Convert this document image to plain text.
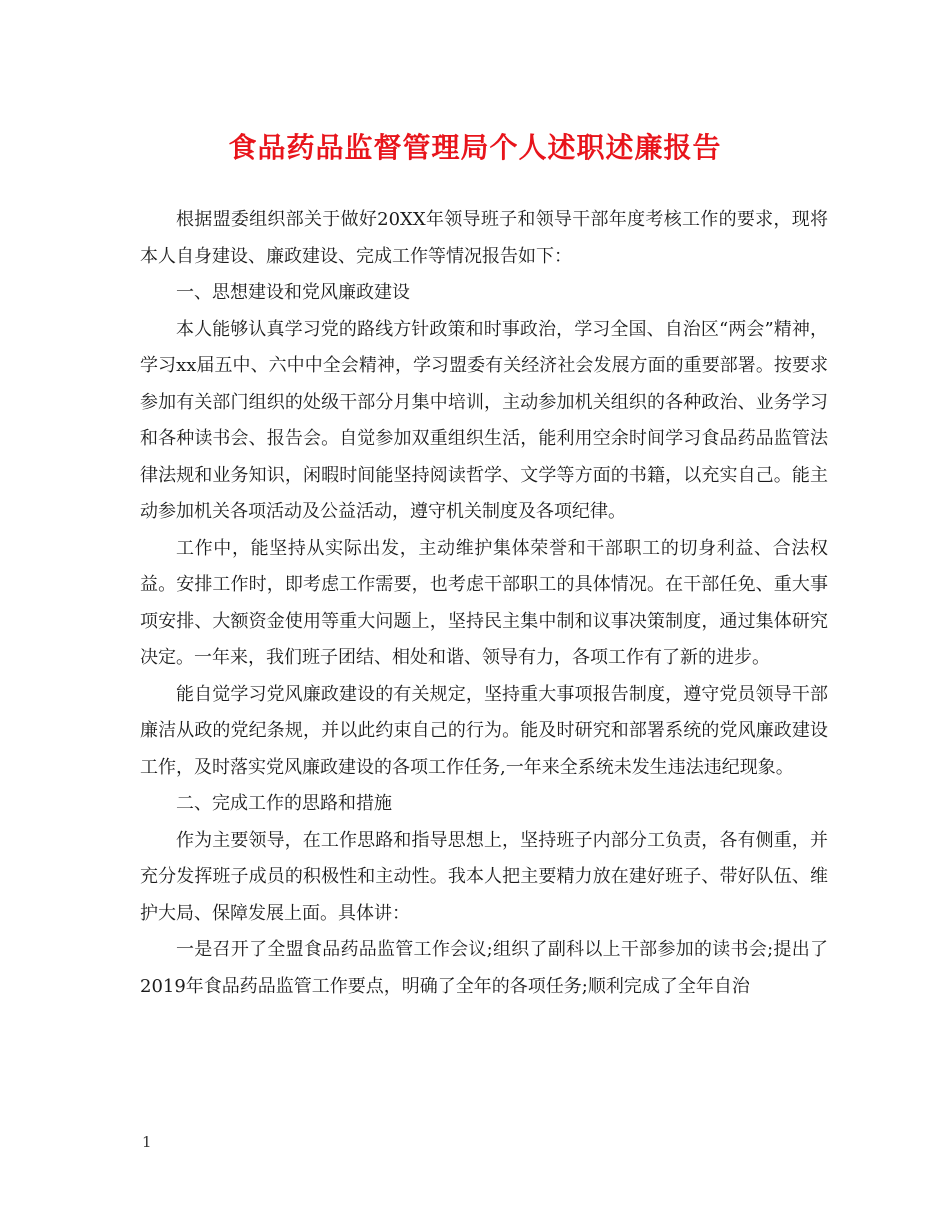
食品药品监督管理局个人述职述廉报告

根据盟委组织部关于做好20XX年领导班子和领导干部年度考核工作的要求，现将本人自身建设、廉政建设、完成工作等情况报告如下：

一、思想建设和党风廉政建设

本人能够认真学习党的路线方针政策和时事政治，学习全国、自治区“两会”精神，学习xx届五中、六中中全会精神，学习盟委有关经济社会发展方面的重要部署。按要求参加有关部门组织的处级干部分月集中培训，主动参加机关组织的各种政治、业务学习和各种读书会、报告会。自觉参加双重组织生活，能利用空余时间学习食品药品监管法律法规和业务知识，闲暇时间能坚持阅读哲学、文学等方面的书籍，以充实自己。能主动参加机关各项活动及公益活动，遵守机关制度及各项纪律。

工作中，能坚持从实际出发，主动维护集体荣誉和干部职工的切身利益、合法权益。安排工作时，即考虑工作需要，也考虑干部职工的具体情况。在干部任免、重大事项安排、大额资金使用等重大问题上，坚持民主集中制和议事决策制度，通过集体研究决定。一年来，我们班子团结、相处和谐、领导有力，各项工作有了新的进步。

能自觉学习党风廉政建设的有关规定，坚持重大事项报告制度，遵守党员领导干部廉洁从政的党纪条规，并以此约束自己的行为。能及时研究和部署系统的党风廉政建设工作，及时落实党风廉政建设的各项工作任务,一年来全系统未发生违法违纪现象。

二、完成工作的思路和措施

作为主要领导，在工作思路和指导思想上，坚持班子内部分工负责，各有侧重，并充分发挥班子成员的积极性和主动性。我本人把主要精力放在建好班子、带好队伍、维护大局、保障发展上面。具体讲：

一是召开了全盟食品药品监管工作会议;组织了副科以上干部参加的读书会;提出了2019年食品药品监管工作要点，明确了全年的各项任务;顺利完成了全年自治

1
